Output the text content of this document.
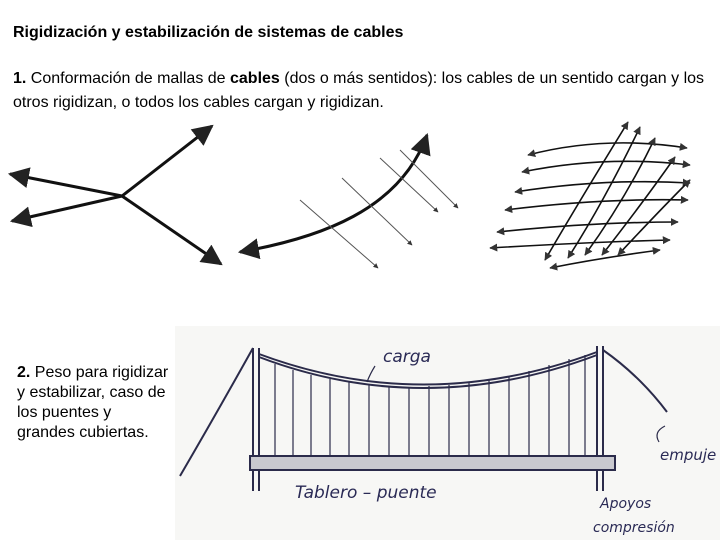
Rigidización y estabilización de sistemas de cables
1. Conformación de mallas de cables (dos o más sentidos): los cables de un sentido cargan y los otros rigidizan, o todos los cables cargan y rigidizan.
carga
empuje
Tablero – puente
Apoyos
compresión
2. Peso para rigidizar y estabilizar, caso de los puentes y grandes cubiertas.
